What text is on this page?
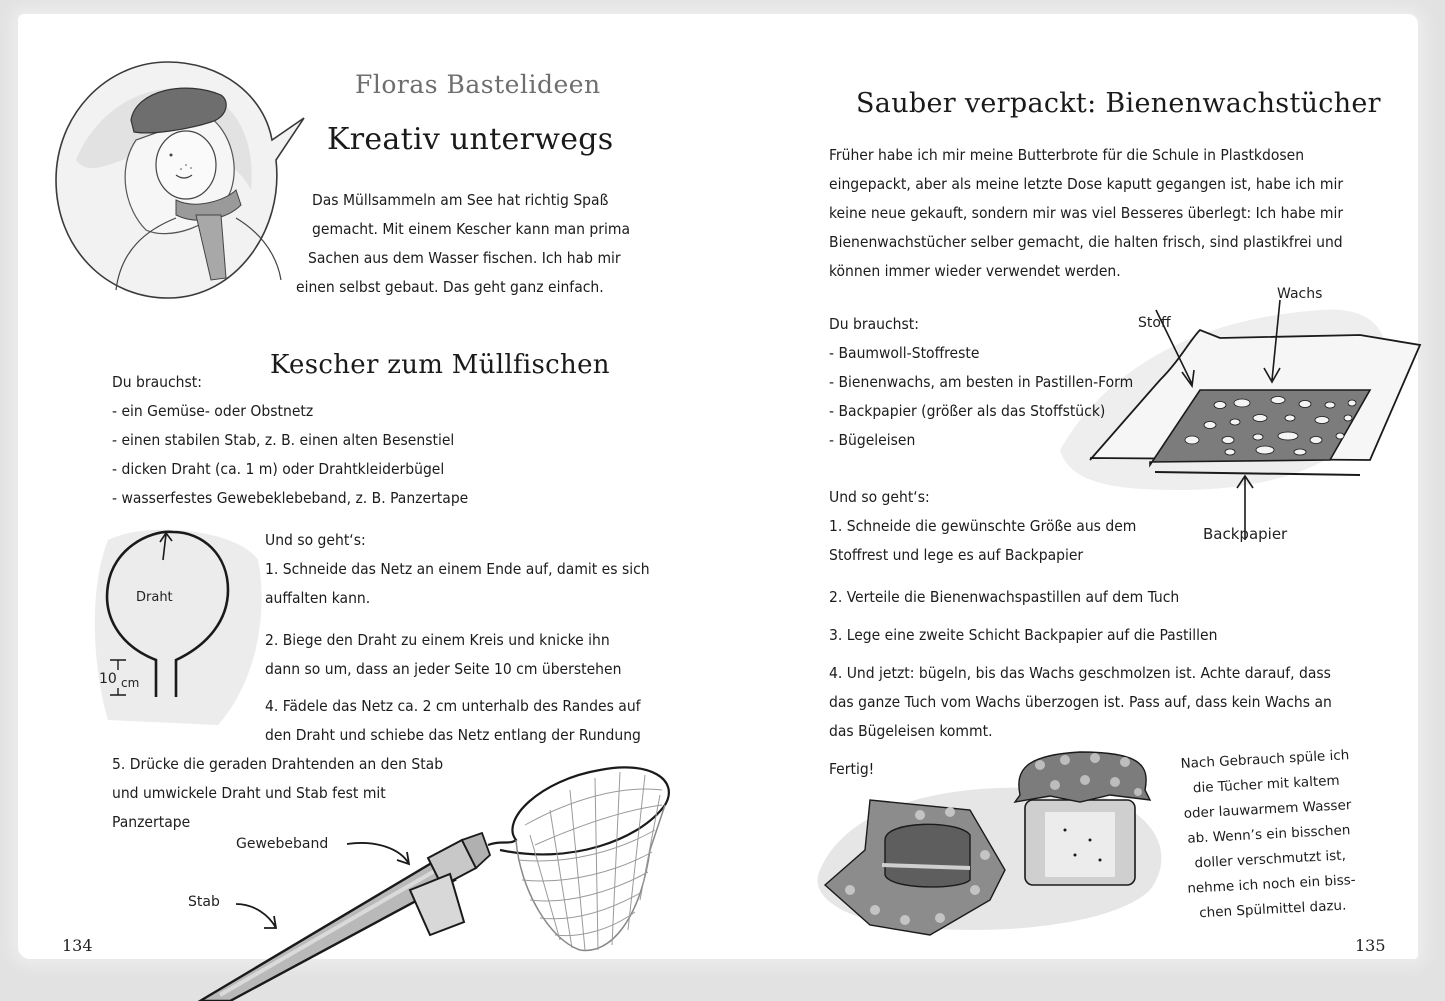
Floras Bastelideen
Kreativ unterwegs
Das Müllsammeln am See hat richtig Spaß
gemacht. Mit einem Kescher kann man prima
Sachen aus dem Wasser fischen. Ich hab mir
einen selbst gebaut. Das geht ganz einfach.
Kescher zum Müllfischen
Du brauchst:
- ein Gemüse- oder Obstnetz
- einen stabilen Stab, z. B. einen alten Besenstiel
- dicken Draht (ca. 1 m) oder Drahtkleiderbügel
- wasserfestes Gewebeklebeband, z. B. Panzertape
Draht
10 cm
Und so geht‘s:
1. Schneide das Netz an einem Ende auf, damit es sich
auffalten kann.
2. Biege den Draht zu einem Kreis und knicke ihn
dann so um, dass an jeder Seite 10 cm überstehen
4. Fädele das Netz ca. 2 cm unterhalb des Randes auf
den Draht und schiebe das Netz entlang der Rundung
5. Drücke die geraden Drahtenden an den Stab
und umwickele Draht und Stab fest mit
Panzertape
Gewebeband
Stab
134
Sauber verpackt: Bienenwachstücher
Früher habe ich mir meine Butterbrote für die Schule in Plastkdosen
eingepackt, aber als meine letzte Dose kaputt gegangen ist, habe ich mir
keine neue gekauft, sondern mir was viel Besseres überlegt: Ich habe mir
Bienenwachstücher selber gemacht, die halten frisch, sind plastikfrei und
können immer wieder verwendet werden.
Stoff
Wachs
Backpapier
Du brauchst:
- Baumwoll-Stoffreste
- Bienenwachs, am besten in Pastillen-Form
- Backpapier (größer als das Stoffstück)
- Bügeleisen
Und so geht‘s:
1. Schneide die gewünschte Größe aus dem
Stoffrest und lege es auf Backpapier
2. Verteile die Bienenwachspastillen auf dem Tuch
3. Lege eine zweite Schicht Backpapier auf die Pastillen
4. Und jetzt: bügeln, bis das Wachs geschmolzen ist. Achte darauf, dass
das ganze Tuch vom Wachs überzogen ist. Pass auf, dass kein Wachs an
das Bügeleisen kommt.
Fertig!	Nach Gebrauch spüle ich
die Tücher mit kaltem
oder lauwarmem Wasser
ab. Wenn’s ein bisschen
doller verschmutzt ist,
nehme ich noch ein biss-
chen Spülmittel dazu.
135
